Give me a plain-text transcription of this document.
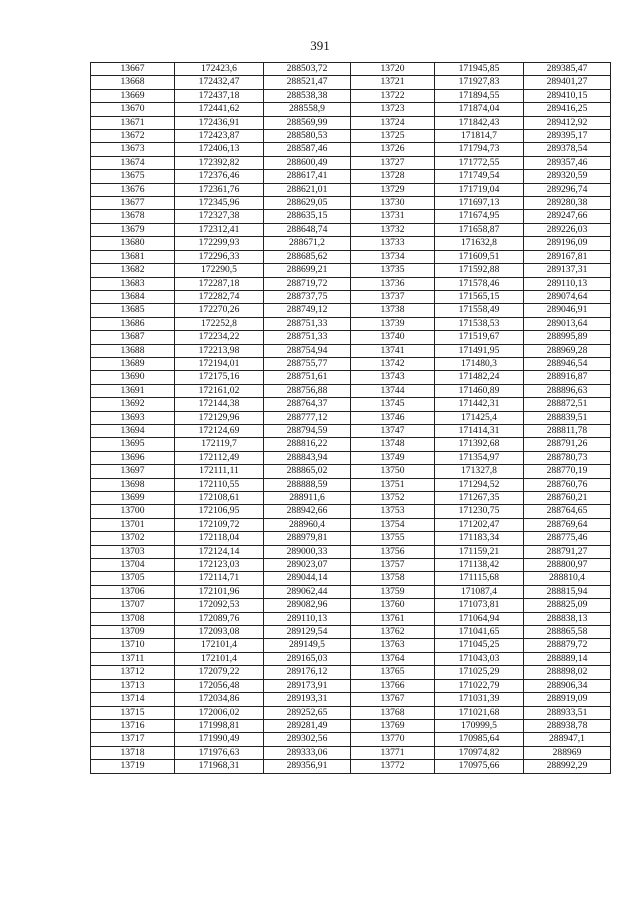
391
13667	172423,6	288503,72	13720	171945,85	289385,47
13668	172432,47	288521,47	13721	171927,83	289401,27
13669	172437,18	288538,38	13722	171894,55	289410,15
13670	172441,62	288558,9	13723	171874,04	289416,25
13671	172436,91	288569,99	13724	171842,43	289412,92
13672	172423,87	288580,53	13725	171814,7	289395,17
13673	172406,13	288587,46	13726	171794,73	289378,54
13674	172392,82	288600,49	13727	171772,55	289357,46
13675	172376,46	288617,41	13728	171749,54	289320,59
13676	172361,76	288621,01	13729	171719,04	289296,74
13677	172345,96	288629,05	13730	171697,13	289280,38
13678	172327,38	288635,15	13731	171674,95	289247,66
13679	172312,41	288648,74	13732	171658,87	289226,03
13680	172299,93	288671,2	13733	171632,8	289196,09
13681	172296,33	288685,62	13734	171609,51	289167,81
13682	172290,5	288699,21	13735	171592,88	289137,31
13683	172287,18	288719,72	13736	171578,46	289110,13
13684	172282,74	288737,75	13737	171565,15	289074,64
13685	172270,26	288749,12	13738	171558,49	289046,91
13686	172252,8	288751,33	13739	171538,53	289013,64
13687	172234,22	288751,33	13740	171519,67	288995,89
13688	172213,98	288754,94	13741	171491,95	288969,28
13689	172194,01	288755,77	13742	171480,3	288946,54
13690	172175,16	288751,61	13743	171482,24	288916,87
13691	172161,02	288756,88	13744	171460,89	288896,63
13692	172144,38	288764,37	13745	171442,31	288872,51
13693	172129,96	288777,12	13746	171425,4	288839,51
13694	172124,69	288794,59	13747	171414,31	288811,78
13695	172119,7	288816,22	13748	171392,68	288791,26
13696	172112,49	288843,94	13749	171354,97	288780,73
13697	172111,11	288865,02	13750	171327,8	288770,19
13698	172110,55	288888,59	13751	171294,52	288760,76
13699	172108,61	288911,6	13752	171267,35	288760,21
13700	172106,95	288942,66	13753	171230,75	288764,65
13701	172109,72	288960,4	13754	171202,47	288769,64
13702	172118,04	288979,81	13755	171183,34	288775,46
13703	172124,14	289000,33	13756	171159,21	288791,27
13704	172123,03	289023,07	13757	171138,42	288800,97
13705	172114,71	289044,14	13758	171115,68	288810,4
13706	172101,96	289062,44	13759	171087,4	288815,94
13707	172092,53	289082,96	13760	171073,81	288825,09
13708	172089,76	289110,13	13761	171064,94	288838,13
13709	172093,08	289129,54	13762	171041,65	288865,58
13710	172101,4	289149,5	13763	171045,25	288879,72
13711	172101,4	289165,03	13764	171043,03	288889,14
13712	172079,22	289176,12	13765	171025,29	288898,02
13713	172056,48	289173,91	13766	171022,79	288906,34
13714	172034,86	289193,31	13767	171031,39	288919,09
13715	172006,02	289252,65	13768	171021,68	288933,51
13716	171998,81	289281,49	13769	170999,5	288938,78
13717	171990,49	289302,56	13770	170985,64	288947,1
13718	171976,63	289333,06	13771	170974,82	288969
13719	171968,31	289356,91	13772	170975,66	288992,29
